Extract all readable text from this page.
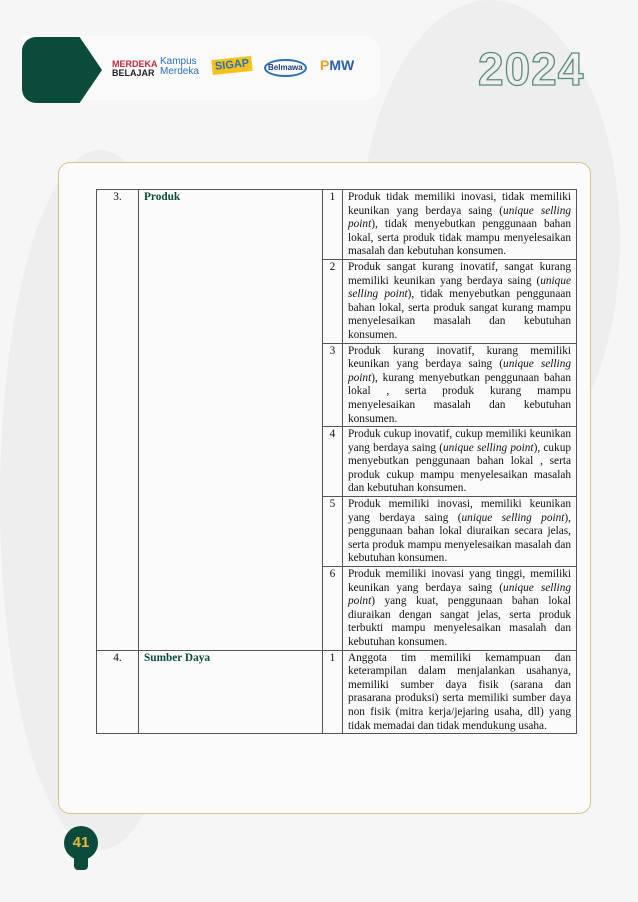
MERDEKA
BELAJAR
Kampus
Merdeka SIGAP	Belmawa PMW	2024
3.	Produk	1	Produk tidak memiliki inovasi, tidak memiliki keunikan yang berdaya saing (unique selling point), tidak menyebutkan penggunaan bahan lokal, serta produk tidak mampu menyelesaikan masalah dan kebutuhan konsumen.
		2	Produk sangat kurang inovatif, sangat kurang memiliki keunikan yang berdaya saing (unique selling point), tidak menyebutkan penggunaan bahan lokal, serta produk sangat kurang mampu menyelesaikan masalah dan kebutuhan konsumen.
		3	Produk kurang inovatif, kurang memiliki keunikan yang berdaya saing (unique selling point), kurang menyebutkan penggunaan bahan lokal , serta produk kurang mampu menyelesaikan masalah dan kebutuhan konsumen.
		4	Produk cukup inovatif, cukup memiliki keunikan yang berdaya saing (unique selling point), cukup menyebutkan penggunaan bahan lokal , serta produk cukup mampu menyelesaikan masalah dan kebutuhan konsumen.
		5	Produk memiliki inovasi, memiliki keunikan yang berdaya saing (unique selling point), penggunaan bahan lokal diuraikan secara jelas, serta produk mampu menyelesaikan masalah dan kebutuhan konsumen.
		6	Produk memiliki inovasi yang tinggi, memiliki keunikan yang berdaya saing (unique selling point) yang kuat, penggunaan bahan lokal diuraikan dengan sangat jelas, serta produk terbukti mampu menyelesaikan masalah dan kebutuhan konsumen.
4.	Sumber Daya	1	Anggota tim memiliki kemampuan dan keterampilan dalam menjalankan usahanya, memiliki sumber daya fisik (sarana dan prasarana produksi) serta memiliki sumber daya non fisik (mitra kerja/jejaring usaha, dll) yang tidak memadai dan tidak mendukung usaha.
41
